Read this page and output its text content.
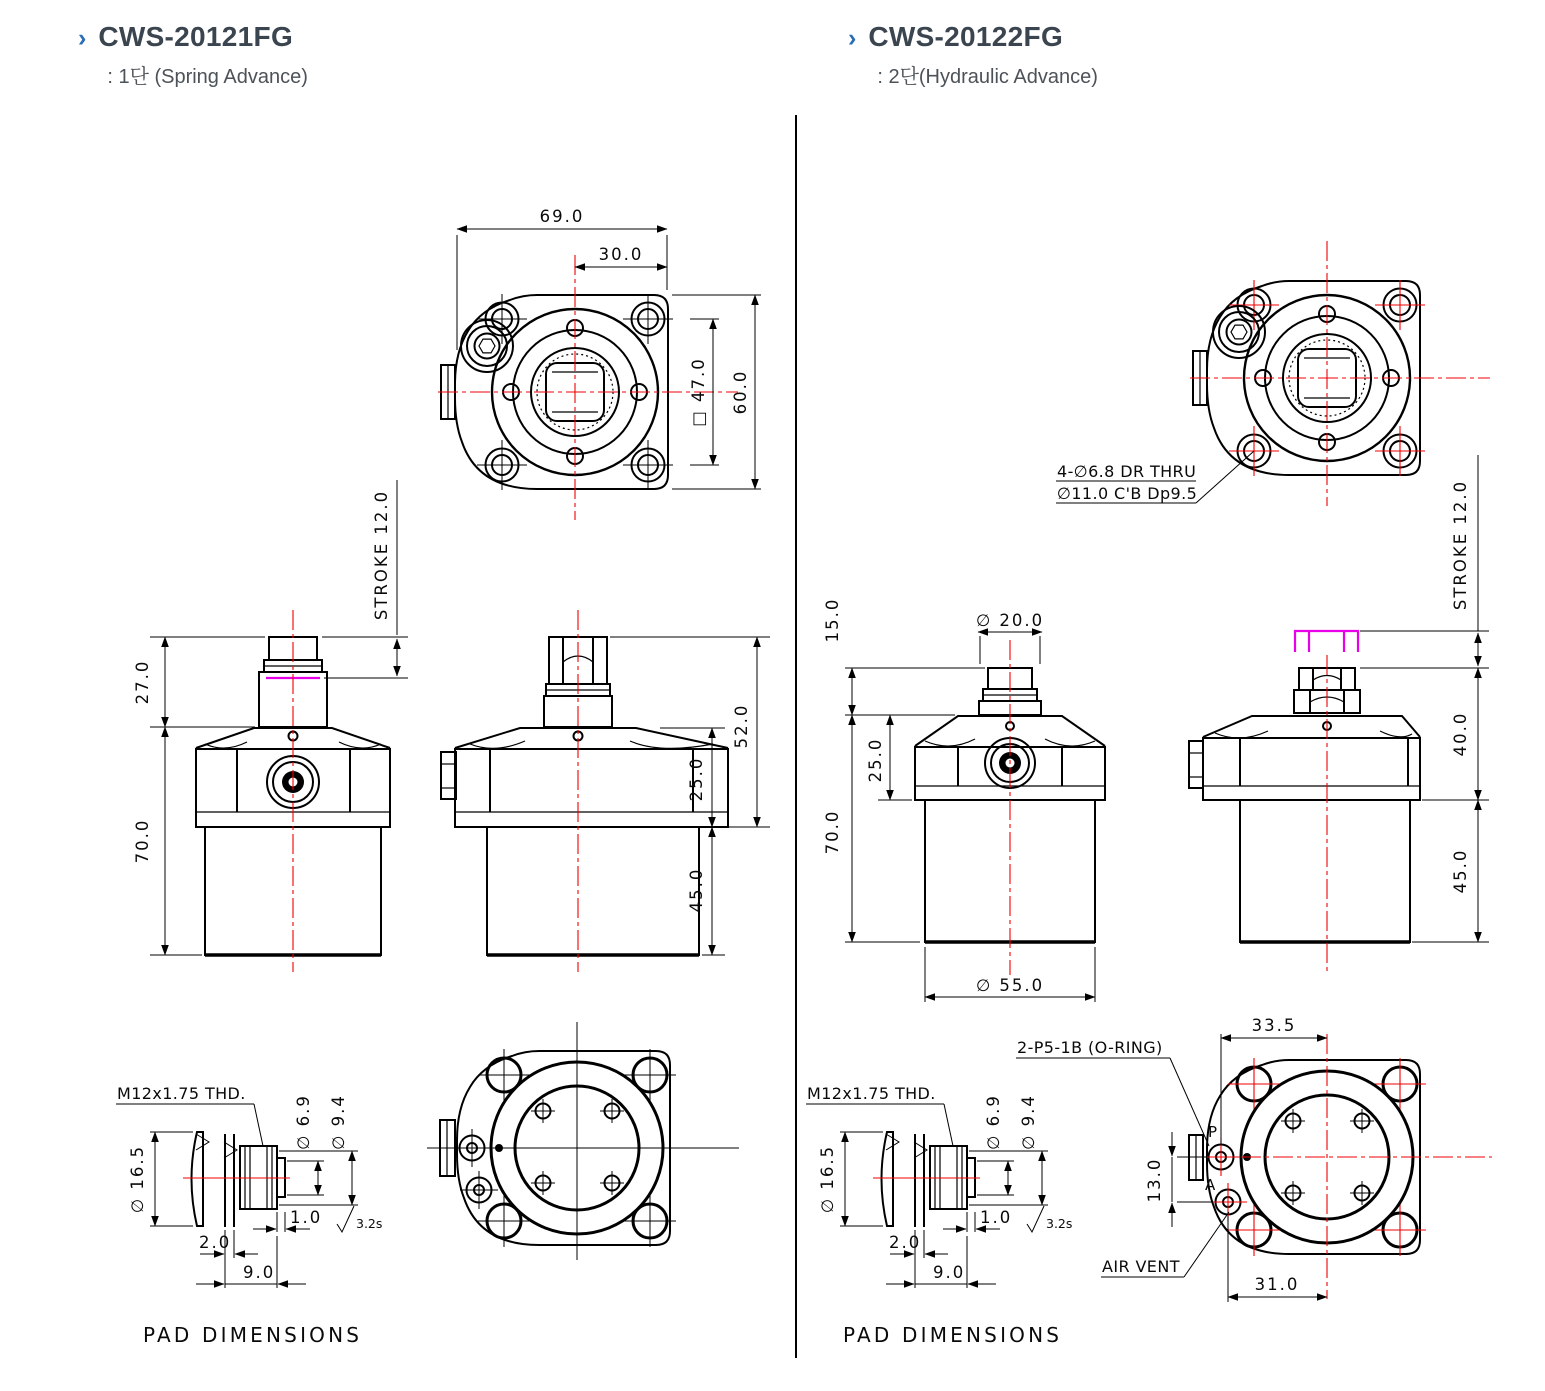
› CWS-20121FG
: 1단 (Spring Advance)
› CWS-20122FG
: 2단(Hydraulic Advance)
69.0
30.0
□ 47.0 60.0
27.0
70.0
STROKE 12.0
52.0
25.0
45.0
M12x1.75 THD.
∅ 16.5
∅ 6.9 ∅ 9.4
1.0
2.0
9.0
3.2s
PAD DIMENSIONS
4-∅6.8 DR THRU
∅11.0 C'B Dp9.5
∅ 20.0
15.0
70.0
25.0
∅ 55.0
STROKE 12.0
40.0
45.0
P
A
33.5
13.0
31.0
2-P5-1B (O-RING)
AIR VENT
M12x1.75 THD.
∅ 16.5
∅ 6.9 ∅ 9.4
1.0
2.0
9.0
3.2s
PAD DIMENSIONS
